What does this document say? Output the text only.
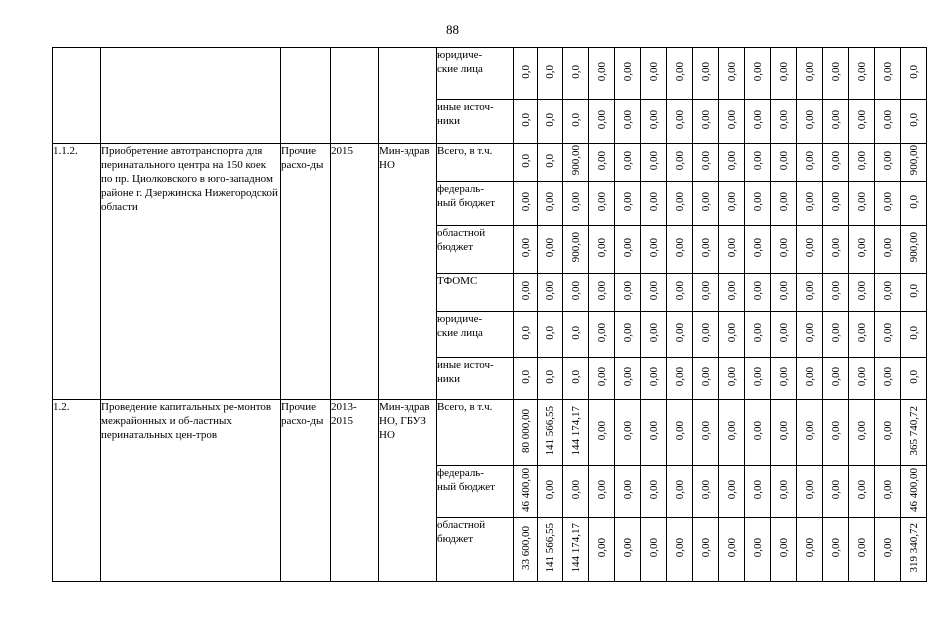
88
					юридиче-
ские лица	0,0	0,0	0,0	0,00	0,00	0,00	0,00	0,00	0,00	0,00	0,00	0,00	0,00	0,00	0,00	0,0
					иные источ-
ники	0,0	0,0	0,0	0,00	0,00	0,00	0,00	0,00	0,00	0,00	0,00	0,00	0,00	0,00	0,00	0,0
1.1.2.	Приобретение автотранспорта для перинатального центра на 150 коек по пр. Циолковского в юго-западном районе г. Дзержинска Нижегородской области	Прочие расхо-ды	2015	Мин-здрав НО	Всего, в т.ч.	0,0	0,0	900,00	0,00	0,00	0,00	0,00	0,00	0,00	0,00	0,00	0,00	0,00	0,00	0,00	900,00
					федераль-
ный бюджет	0,00	0,00	0,00	0,00	0,00	0,00	0,00	0,00	0,00	0,00	0,00	0,00	0,00	0,00	0,00	0,0
					областной
бюджет	0,00	0,00	900,00	0,00	0,00	0,00	0,00	0,00	0,00	0,00	0,00	0,00	0,00	0,00	0,00	900,00
					ТФОМС	0,00	0,00	0,00	0,00	0,00	0,00	0,00	0,00	0,00	0,00	0,00	0,00	0,00	0,00	0,00	0,0
					юридиче-
ские лица	0,0	0,0	0,0	0,00	0,00	0,00	0,00	0,00	0,00	0,00	0,00	0,00	0,00	0,00	0,00	0,0
					иные источ-
ники	0,0	0,0	0,0	0,00	0,00	0,00	0,00	0,00	0,00	0,00	0,00	0,00	0,00	0,00	0,00	0,0
1.2.	Проведение капитальных ре-монтов межрайонных и об-ластных перинатальных цен-тров	Прочие расхо-ды	2013-2015	Мин-здрав НО, ГБУЗ НО	Всего, в т.ч.	80 000,00	141 566,55	144 174,17	0,00	0,00	0,00	0,00	0,00	0,00	0,00	0,00	0,00	0,00	0,00	0,00	365 740,72
					федераль-
ный бюджет	46 400,00	0,00	0,00	0,00	0,00	0,00	0,00	0,00	0,00	0,00	0,00	0,00	0,00	0,00	0,00	46 400,00
					областной
бюджет	33 600,00	141 566,55	144 174,17	0,00	0,00	0,00	0,00	0,00	0,00	0,00	0,00	0,00	0,00	0,00	0,00	319 340,72
